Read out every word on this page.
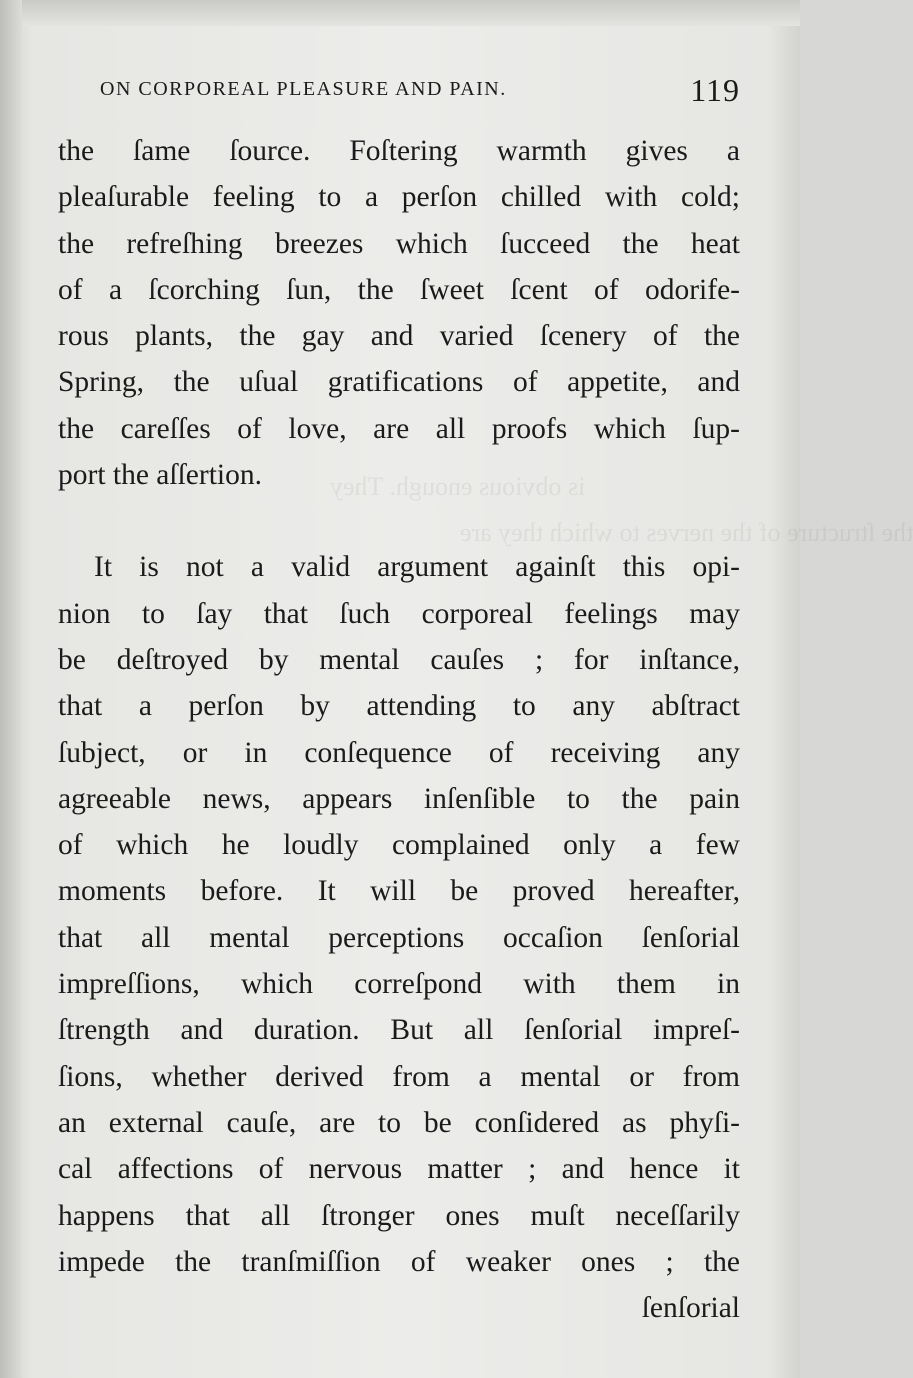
is obvious enough. They
the ſtructure of the nerves to which they are
ON CORPOREAL PLEASURE AND PAIN.	119
the ſame ſource. Foſtering warmth gives a
pleaſurable feeling to a perſon chilled with cold;
the refreſhing breezes which ſucceed the heat
of a ſcorching ſun, the ſweet ſcent of odorife-
rous plants, the gay and varied ſcenery of the
Spring, the uſual gratifications of appetite, and
the careſſes of love, are all proofs which ſup-
port the aſſertion.
It is not a valid argument againſt this opi-
nion to ſay that ſuch corporeal feelings may
be deſtroyed by mental cauſes ; for inſtance,
that a perſon by attending to any abſtract
ſubject, or in conſequence of receiving any
agreeable news, appears inſenſible to the pain
of which he loudly complained only a few
moments before. It will be proved hereafter,
that all mental perceptions occaſion ſenſorial
impreſſions, which correſpond with them in
ſtrength and duration. But all ſenſorial impreſ-
ſions, whether derived from a mental or from
an external cauſe, are to be conſidered as phyſi-
cal affections of nervous matter ; and hence it
happens that all ſtronger ones muſt neceſſarily
impede the tranſmiſſion of weaker ones ; the
ſenſorial
